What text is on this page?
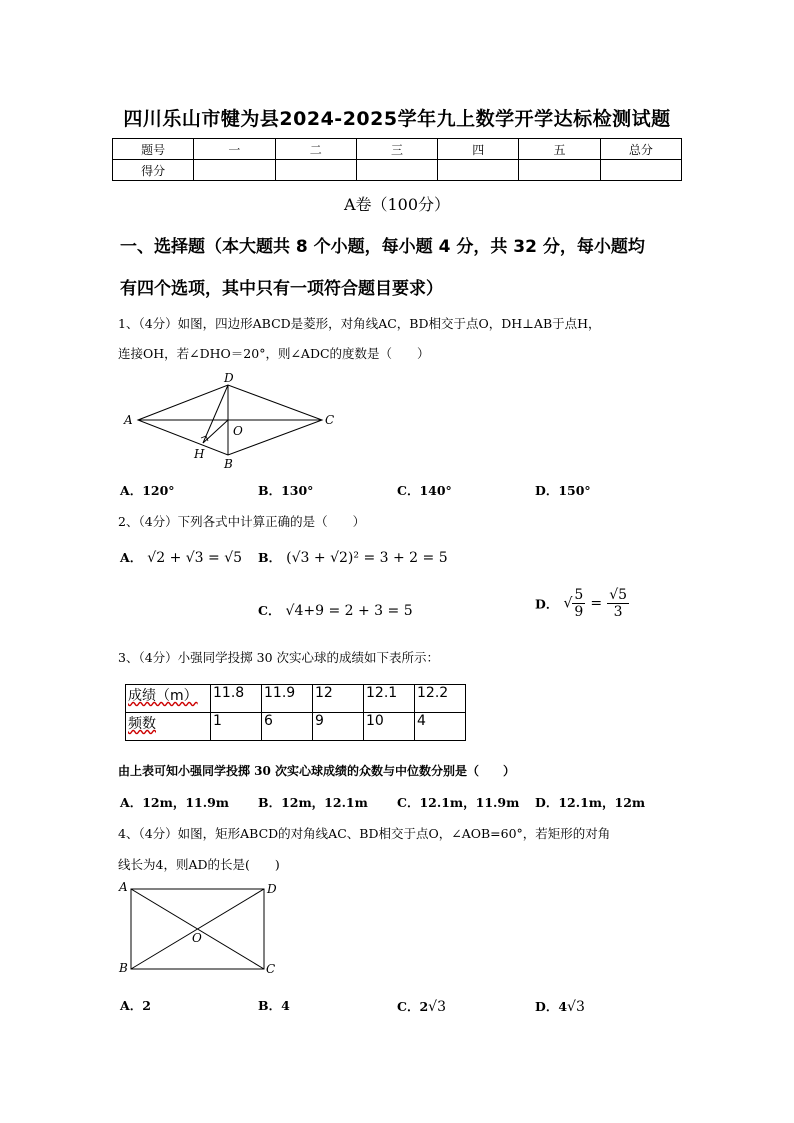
四川乐山市犍为县2024-2025学年九上数学开学达标检测试题
题号	一	二	三	四	五	总分
得分						
A卷（100分）
一、选择题（本大题共 8 个小题，每小题 4 分，共 32 分，每小题均
有四个选项，其中只有一项符合题目要求）
1、（4分）如图，四边形ABCD是菱形，对角线AC，BD相交于点O，DH⊥AB于点H，
连接OH，若∠DHO＝20°，则∠ADC的度数是（　　）
A
D
C
B
H
O
A．120°	B．130°	C．140°	D．150°
2、（4分）下列各式中计算正确的是（　　）
A． √2 + √3 = √5 B． (√3 + √2)² = 3 + 2 = 5
C． √4+9 = 2 + 3 = 5	D． √ $\frac{5}{9} = \frac{√5}{3}$
3、（4分）小强同学投掷 30 次实心球的成绩如下表所示：
成绩（m）	11.8	11.9	12	12.1	12.2
频数	1	6	9	10	4
由上表可知小强同学投掷 30 次实心球成绩的众数与中位数分别是（　　）
A．12m，11.9m B．12m，12.1m C．12.1m，11.9m D．12.1m，12m
4、（4分）如图，矩形ABCD的对角线AC、BD相交于点O，∠AOB=60°，若矩形的对角
线长为4，则AD的长是(　　)
A	D
B	C
O
A．2	B．4	C．2√3	D．4√3
